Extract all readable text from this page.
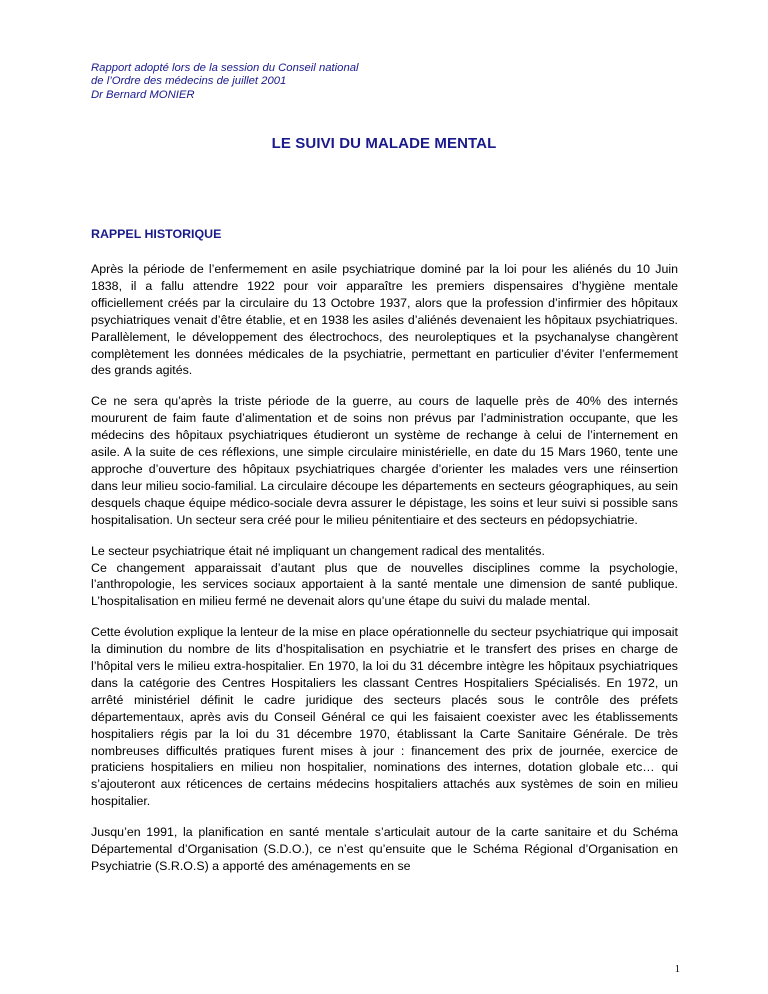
Rapport adopté lors de la session du Conseil national
de l’Ordre des médecins de juillet 2001
Dr Bernard MONIER
LE SUIVI DU MALADE MENTAL
RAPPEL HISTORIQUE

Après la période de l’enfermement en asile psychiatrique dominé par la loi pour les aliénés du 10 Juin 1838, il a fallu attendre 1922 pour voir apparaître les premiers dispensaires d’hygiène mentale officiellement créés par la circulaire du 13 Octobre 1937, alors que la profession d’infirmier des hôpitaux psychiatriques venait d’être établie, et en 1938 les asiles d’aliénés devenaient les hôpitaux psychiatriques. Parallèlement, le développement des électrochocs, des neuroleptiques et la psychanalyse changèrent complètement les données médicales de la psychiatrie, permettant en particulier d’éviter l’enfermement des grands agités.

Ce ne sera qu’après la triste période de la guerre, au cours de laquelle près de 40% des internés moururent de faim faute d’alimentation et de soins non prévus par l’administration occupante, que les médecins des hôpitaux psychiatriques étudieront un système de rechange à celui de l’internement en asile. A la suite de ces réflexions, une simple circulaire ministérielle, en date du 15 Mars 1960, tente une approche d’ouverture des hôpitaux psychiatriques chargée d’orienter les malades vers une réinsertion dans leur milieu socio-familial. La circulaire découpe les départements en secteurs géographiques, au sein desquels chaque équipe médico-sociale devra assurer le dépistage, les soins et leur suivi si possible sans hospitalisation. Un secteur sera créé pour le milieu pénitentiaire et des secteurs en pédopsychiatrie.

Le secteur psychiatrique était né impliquant un changement radical des mentalités.

Ce changement apparaissait d’autant plus que de nouvelles disciplines comme la psychologie, l’anthropologie, les services sociaux apportaient à la santé mentale une dimension de santé publique. L’hospitalisation en milieu fermé ne devenait alors qu’une étape du suivi du malade mental.

Cette évolution explique la lenteur de la mise en place opérationnelle du secteur psychiatrique qui imposait la diminution du nombre de lits d’hospitalisation en psychiatrie et le transfert des prises en charge de l’hôpital vers le milieu extra-hospitalier. En 1970, la loi du 31 décembre intègre les hôpitaux psychiatriques dans la catégorie des Centres Hospitaliers les classant Centres Hospitaliers Spécialisés. En 1972, un arrêté ministériel définit le cadre juridique des secteurs placés sous le contrôle des préfets départementaux, après avis du Conseil Général ce qui les faisaient coexister avec les établissements hospitaliers régis par la loi du 31 décembre 1970, établissant la Carte Sanitaire Générale. De très nombreuses difficultés pratiques furent mises à jour : financement des prix de journée, exercice de praticiens hospitaliers en milieu non hospitalier, nominations des internes, dotation globale etc… qui s’ajouteront aux réticences de certains médecins hospitaliers attachés aux systèmes de soin en milieu hospitalier.

Jusqu’en 1991, la planification en santé mentale s’articulait autour de la carte sanitaire et du Schéma Départemental d’Organisation (S.D.O.), ce n’est qu’ensuite que le Schéma Régional d’Organisation en Psychiatrie (S.R.O.S) a apporté des aménagements en se

1
